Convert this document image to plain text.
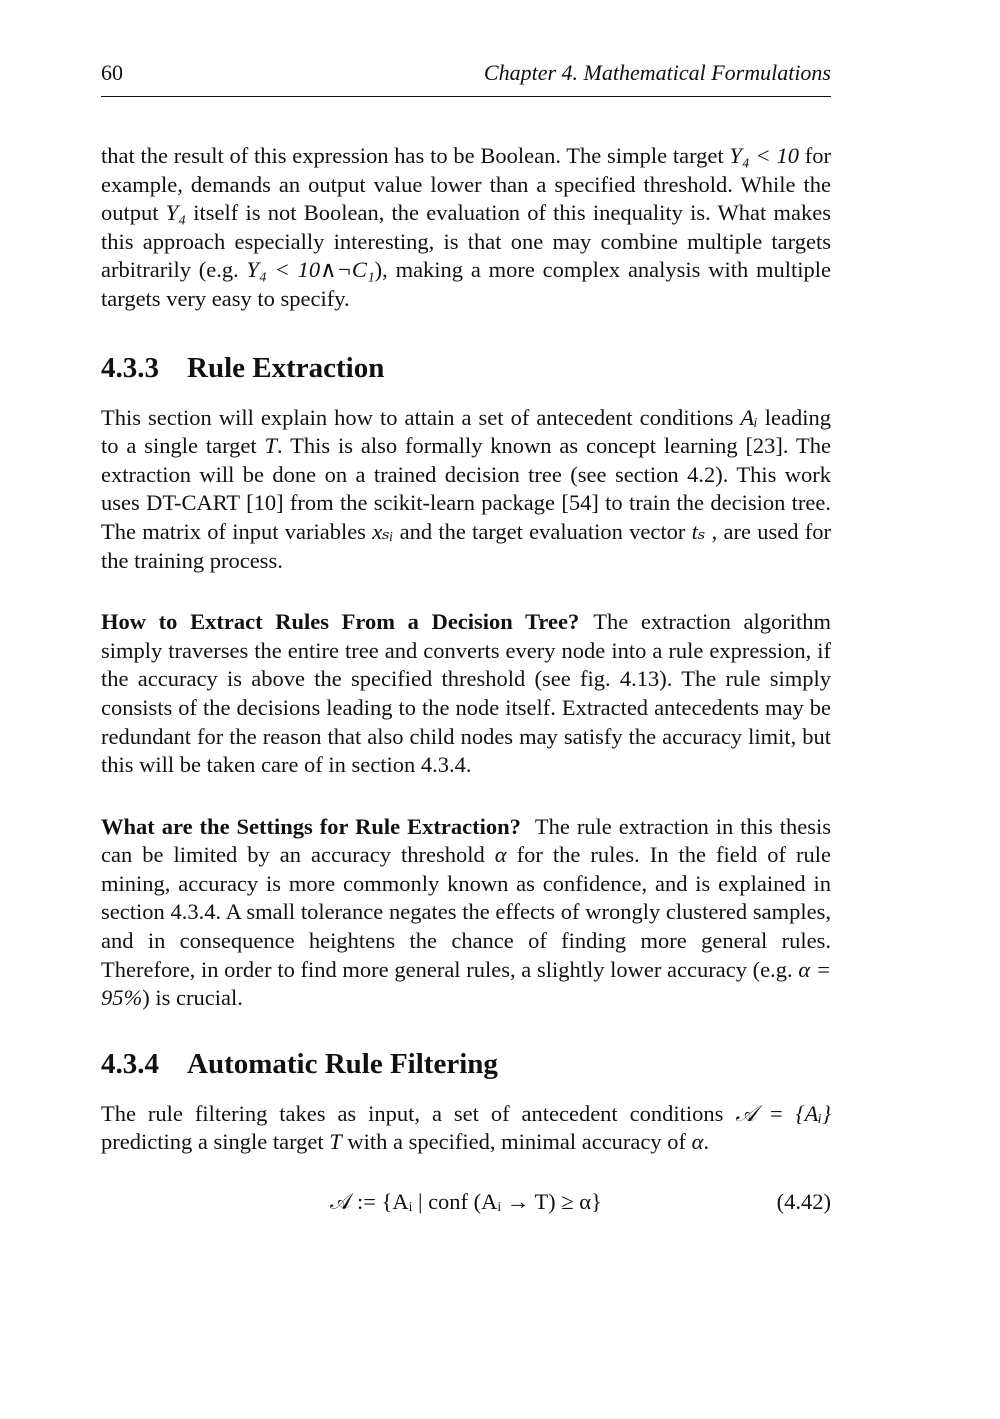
60	Chapter 4. Mathematical Formulations

that the result of this expression has to be Boolean. The simple target Y₄ < 10 for example, demands an output value lower than a specified threshold. While the output Y₄ itself is not Boolean, the evaluation of this inequality is. What makes this approach especially interesting, is that one may combine multiple targets arbitrarily (e.g. Y₄ < 10∧¬C₁), making a more complex analysis with multiple targets very easy to specify.

4.3.3 Rule Extraction

This section will explain how to attain a set of antecedent conditions Aᵢ leading to a single target T. This is also formally known as concept learning [23]. The extraction will be done on a trained decision tree (see section 4.2). This work uses DT-CART [10] from the scikit-learn package [54] to train the decision tree. The matrix of input variables xₛᵢ and the target evaluation vector tₛ , are used for the training process.

How to Extract Rules From a Decision Tree? The extraction algorithm simply traverses the entire tree and converts every node into a rule expression, if the accuracy is above the specified threshold (see fig. 4.13). The rule simply consists of the decisions leading to the node itself. Extracted antecedents may be redundant for the reason that also child nodes may satisfy the accuracy limit, but this will be taken care of in section 4.3.4.

What are the Settings for Rule Extraction? The rule extraction in this thesis can be limited by an accuracy threshold α for the rules. In the field of rule mining, accuracy is more commonly known as confidence, and is explained in section 4.3.4. A small tolerance negates the effects of wrongly clustered samples, and in consequence heightens the chance of finding more general rules. Therefore, in order to find more general rules, a slightly lower accuracy (e.g. α = 95%) is crucial.

4.3.4 Automatic Rule Filtering

The rule filtering takes as input, a set of antecedent conditions 𝒜 = {Aᵢ} predicting a single target T with a specified, minimal accuracy of α.

𝒜 := {Aᵢ | conf (Aᵢ → T) ≥ α}	(4.42)
